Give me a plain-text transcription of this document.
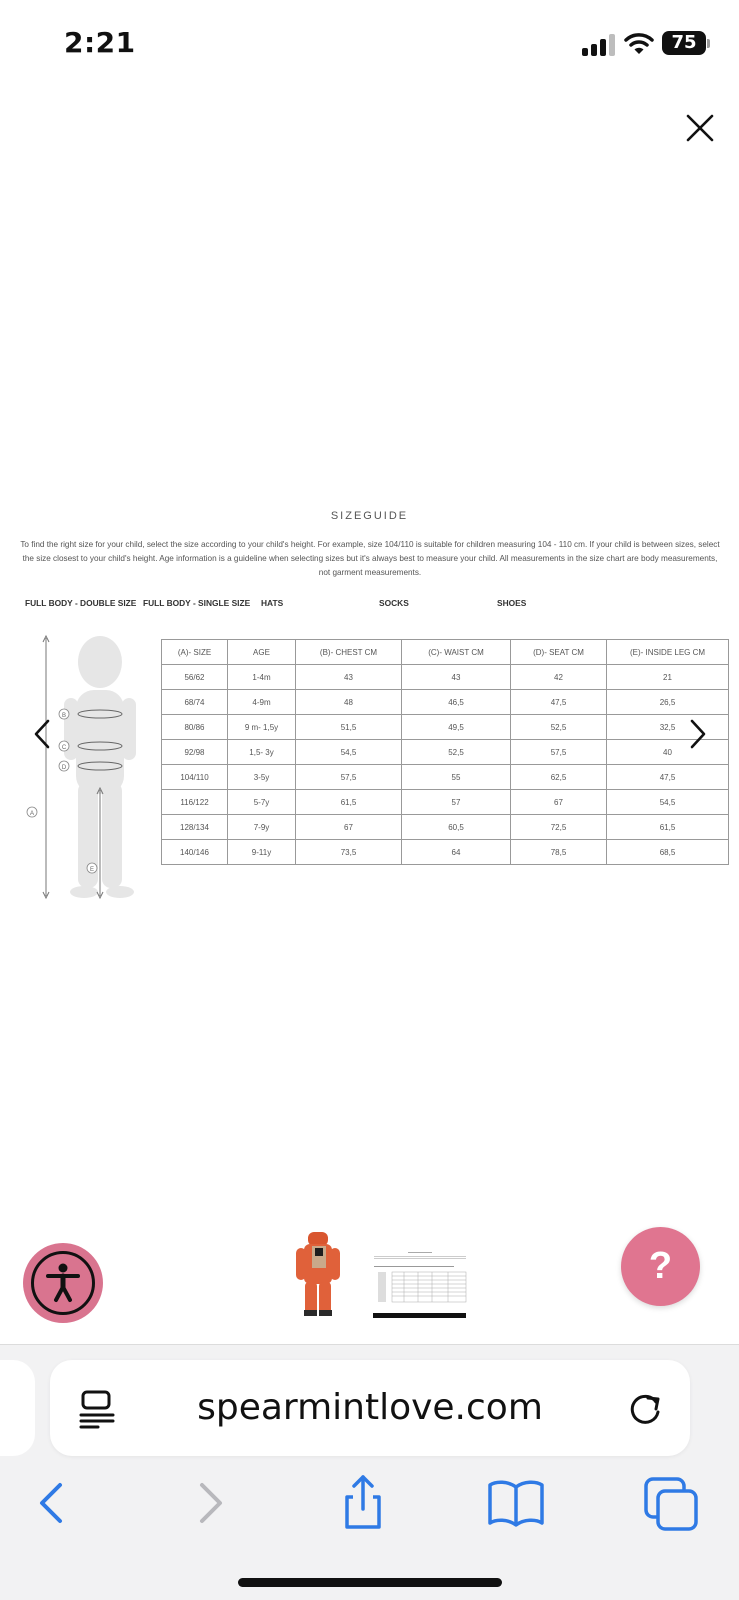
2:21	75
SIZEGUIDE
To find the right size for your child, select the size according to your child's height. For example, size 104/110 is suitable for children measuring 104 - 110 cm. If your child is between sizes, select the size closest to your child's height. Age information is a guideline when selecting sizes but it's always best to measure your child. All measurements in the size chart are body measurements, not garment measurements.
FULL BODY - DOUBLE SIZE FULL BODY - SINGLE SIZE HATS	SOCKS	SHOES
A
B
C
D
E
(A)- SIZE	AGE	(B)- CHEST CM	(C)- WAIST CM	(D)- SEAT CM	(E)- INSIDE LEG CM
56/62	1-4m	43	43	42	21
68/74	4-9m	48	46,5	47,5	26,5
80/86	9 m- 1,5y	51,5	49,5	52,5	32,5
92/98	1,5- 3y	54,5	52,5	57,5	40
104/110	3-5y	57,5	55	62,5	47,5
116/122	5-7y	61,5	57	67	54,5
128/134	7-9y	67	60,5	72,5	61,5
140/146	9-11y	73,5	64	78,5	68,5
?
spearmintlove.com
